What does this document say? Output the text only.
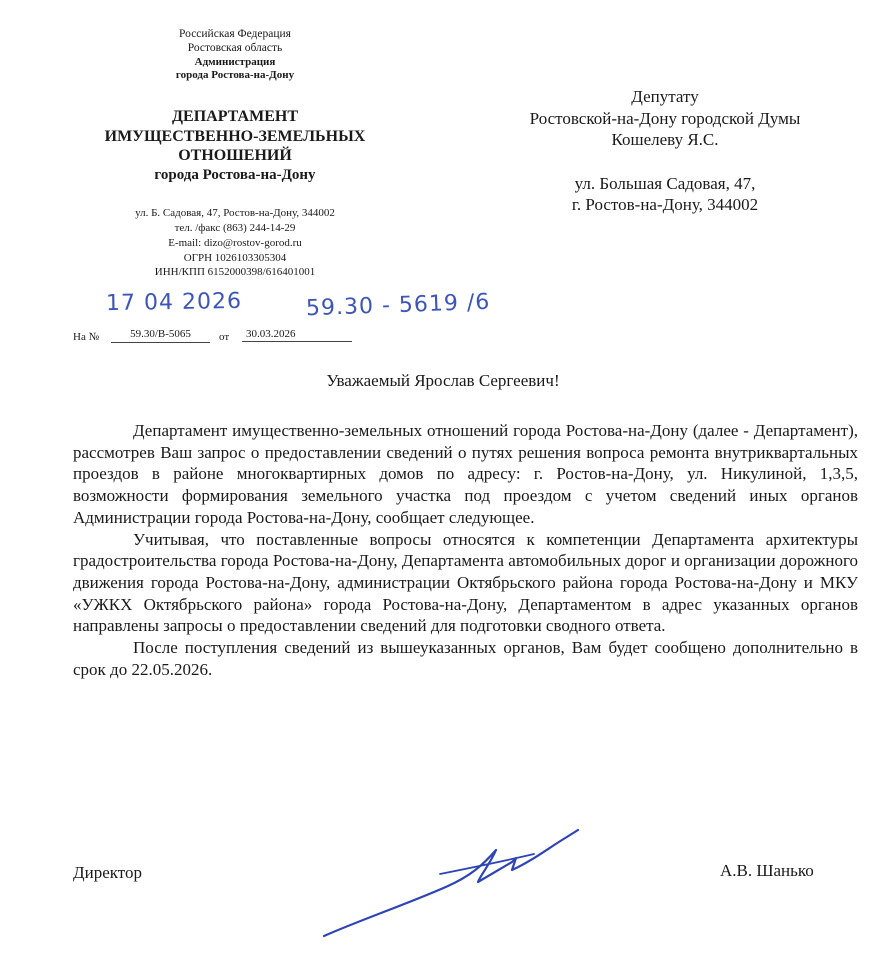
Российская Федерация
Ростовская область
Администрация
города Ростова-на-Дону
ДЕПАРТАМЕНТ
ИМУЩЕСТВЕННО-ЗЕМЕЛЬНЫХ
ОТНОШЕНИЙ
города Ростова-на-Дону
ул. Б. Садовая, 47, Ростов-на-Дону, 344002
тел. /факс (863) 244-14-29
E-mail: dizo@rostov-gorod.ru
ОГРН 1026103305304
ИНН/КПП 6152000398/616401001
17 04 2026	59.30 - 5619 /6
На №	59.30/В-5065	от	30.03.2026
Депутату
Ростовской-на-Дону городской Думы
Кошелеву Я.С.
ул. Большая Садовая, 47,
г. Ростов-на-Дону, 344002
Уважаемый Ярослав Сергеевич!

Департамент имущественно-земельных отношений города Ростова-на-Дону (далее - Департамент), рассмотрев Ваш запрос о предоставлении сведений о путях решения вопроса ремонта внутриквартальных проездов в районе многоквартирных домов по адресу: г. Ростов-на-Дону, ул. Никулиной, 1,3,5, возможности формирования земельного участка под проездом с учетом сведений иных органов Администрации города Ростова-на-Дону, сообщает следующее.

Учитывая, что поставленные вопросы относятся к компетенции Департамента архитектуры градостроительства города Ростова-на-Дону, Департамента автомобильных дорог и организации дорожного движения города Ростова-на-Дону, администрации Октябрьского района города Ростова-на-Дону и МКУ «УЖКХ Октябрьского района» города Ростова-на-Дону, Департаментом в адрес указанных органов направлены запросы о предоставлении сведений для подготовки сводного ответа.

После поступления сведений из вышеуказанных органов, Вам будет сообщено дополнительно в срок до 22.05.2026.

Директор	А.В. Шанько
